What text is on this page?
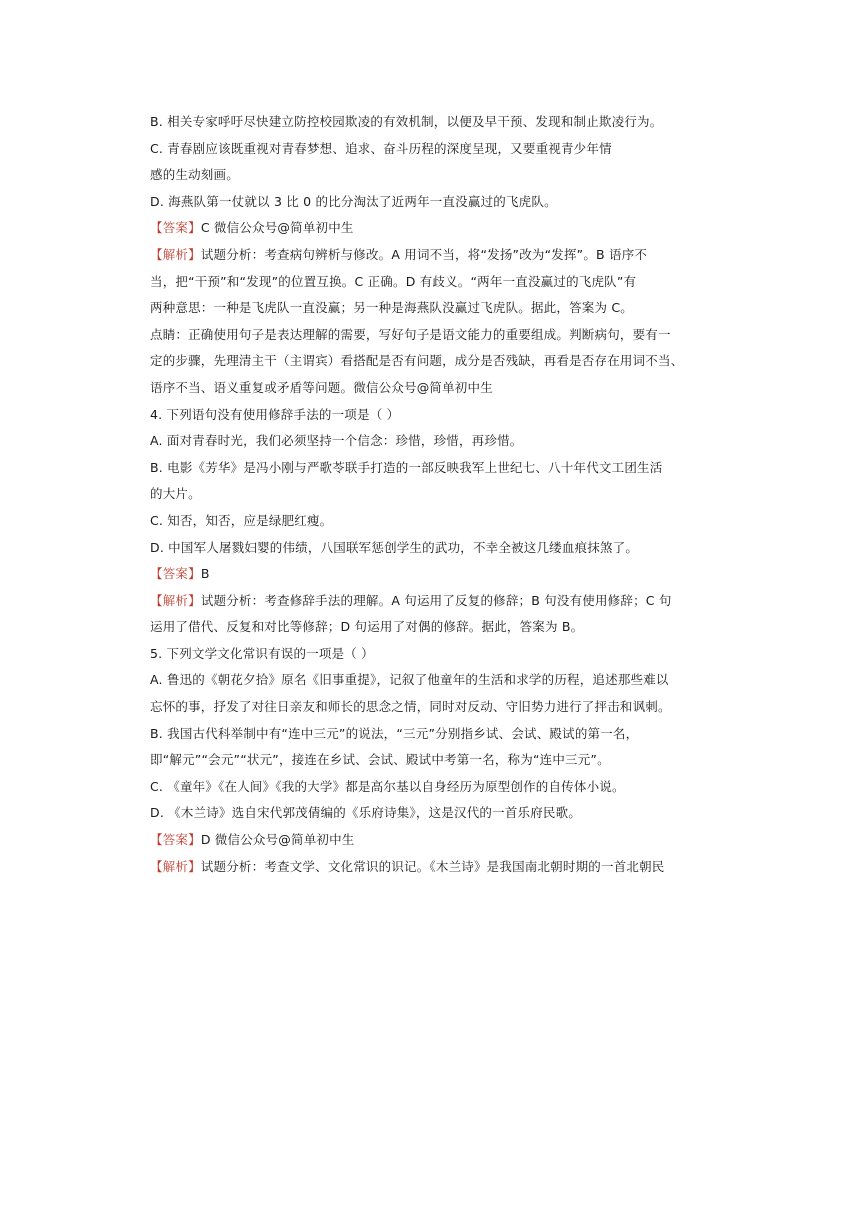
B. 相关专家呼吁尽快建立防控校园欺凌的有效机制，以便及早干预、发现和制止欺凌行为。
C. 青春剧应该既重视对青春梦想、追求、奋斗历程的深度呈现，又要重视青少年情
感的生动刻画。
D. 海燕队第一仗就以 3 比 0 的比分淘汰了近两年一直没赢过的飞虎队。
【答案】C 微信公众号@简单初中生
【解析】试题分析：考查病句辨析与修改。A 用词不当，将“发扬”改为“发挥”。B 语序不
当，把“干预”和“发现”的位置互换。C 正确。D 有歧义。“两年一直没赢过的飞虎队”有
两种意思：一种是飞虎队一直没赢；另一种是海燕队没赢过飞虎队。据此，答案为 C。
点睛：正确使用句子是表达理解的需要，写好句子是语文能力的重要组成。判断病句，要有一
定的步骤，先理清主干（主谓宾）看搭配是否有问题，成分是否残缺，再看是否存在用词不当、
语序不当、语义重复或矛盾等问题。微信公众号@简单初中生
4. 下列语句没有使用修辞手法的一项是（ ）
A. 面对青春时光，我们必须坚持一个信念：珍惜，珍惜，再珍惜。
B. 电影《芳华》是冯小刚与严歌苓联手打造的一部反映我军上世纪七、八十年代文工团生活
的大片。
C. 知否，知否，应是绿肥红瘦。
D. 中国军人屠戮妇婴的伟绩，八国联军惩创学生的武功，不幸全被这几缕血痕抹煞了。
【答案】B
【解析】试题分析：考查修辞手法的理解。A 句运用了反复的修辞；B 句没有使用修辞；C 句
运用了借代、反复和对比等修辞；D 句运用了对偶的修辞。据此，答案为 B。
5. 下列文学文化常识有误的一项是（ ）
A. 鲁迅的《朝花夕拾》原名《旧事重提》，记叙了他童年的生活和求学的历程，追述那些难以
忘怀的事，抒发了对往日亲友和师长的思念之情，同时对反动、守旧势力进行了抨击和讽刺。
B. 我国古代科举制中有“连中三元”的说法，“三元”分别指乡试、会试、殿试的第一名，
即“解元”“会元”“状元”，接连在乡试、会试、殿试中考第一名，称为“连中三元”。
C. 《童年》《在人间》《我的大学》都是高尔基以自身经历为原型创作的自传体小说。
D. 《木兰诗》选自宋代郭茂倩编的《乐府诗集》，这是汉代的一首乐府民歌。
【答案】D 微信公众号@简单初中生
【解析】试题分析：考查文学、文化常识的识记。《木兰诗》是我国南北朝时期的一首北朝民
